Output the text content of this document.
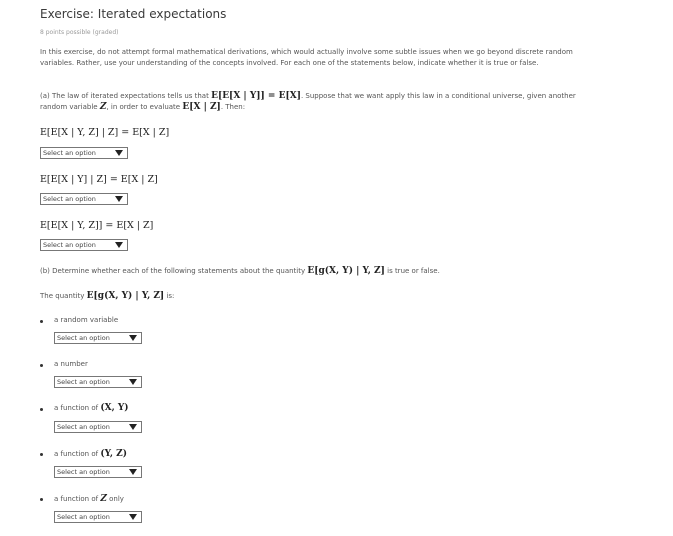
Exercise: Iterated expectations
8 points possible (graded)
In this exercise, do not attempt formal mathematical derivations, which would actually involve some subtle issues when we go beyond discrete random variables. Rather, use your understanding of the concepts involved. For each one of the statements below, indicate whether it is true or false.
(a) The law of iterated expectations tells us that E[E[X | Y]] = E[X]. Suppose that we want apply this law in a conditional universe, given another random variable Z, in order to evaluate E[X | Z]. Then:
E[E[X | Y, Z] | Z] = E[X | Z]
Select an option
E[E[X | Y] | Z] = E[X | Z]
Select an option
E[E[X | Y, Z]] = E[X | Z]
Select an option
(b) Determine whether each of the following statements about the quantity E[g(X, Y) | Y, Z] is true or false.
The quantity E[g(X, Y) | Y, Z] is:
a random variable
Select an option
a number
Select an option
a function of (X, Y)
Select an option
a function of (Y, Z)
Select an option
a function of Z only
Select an option
